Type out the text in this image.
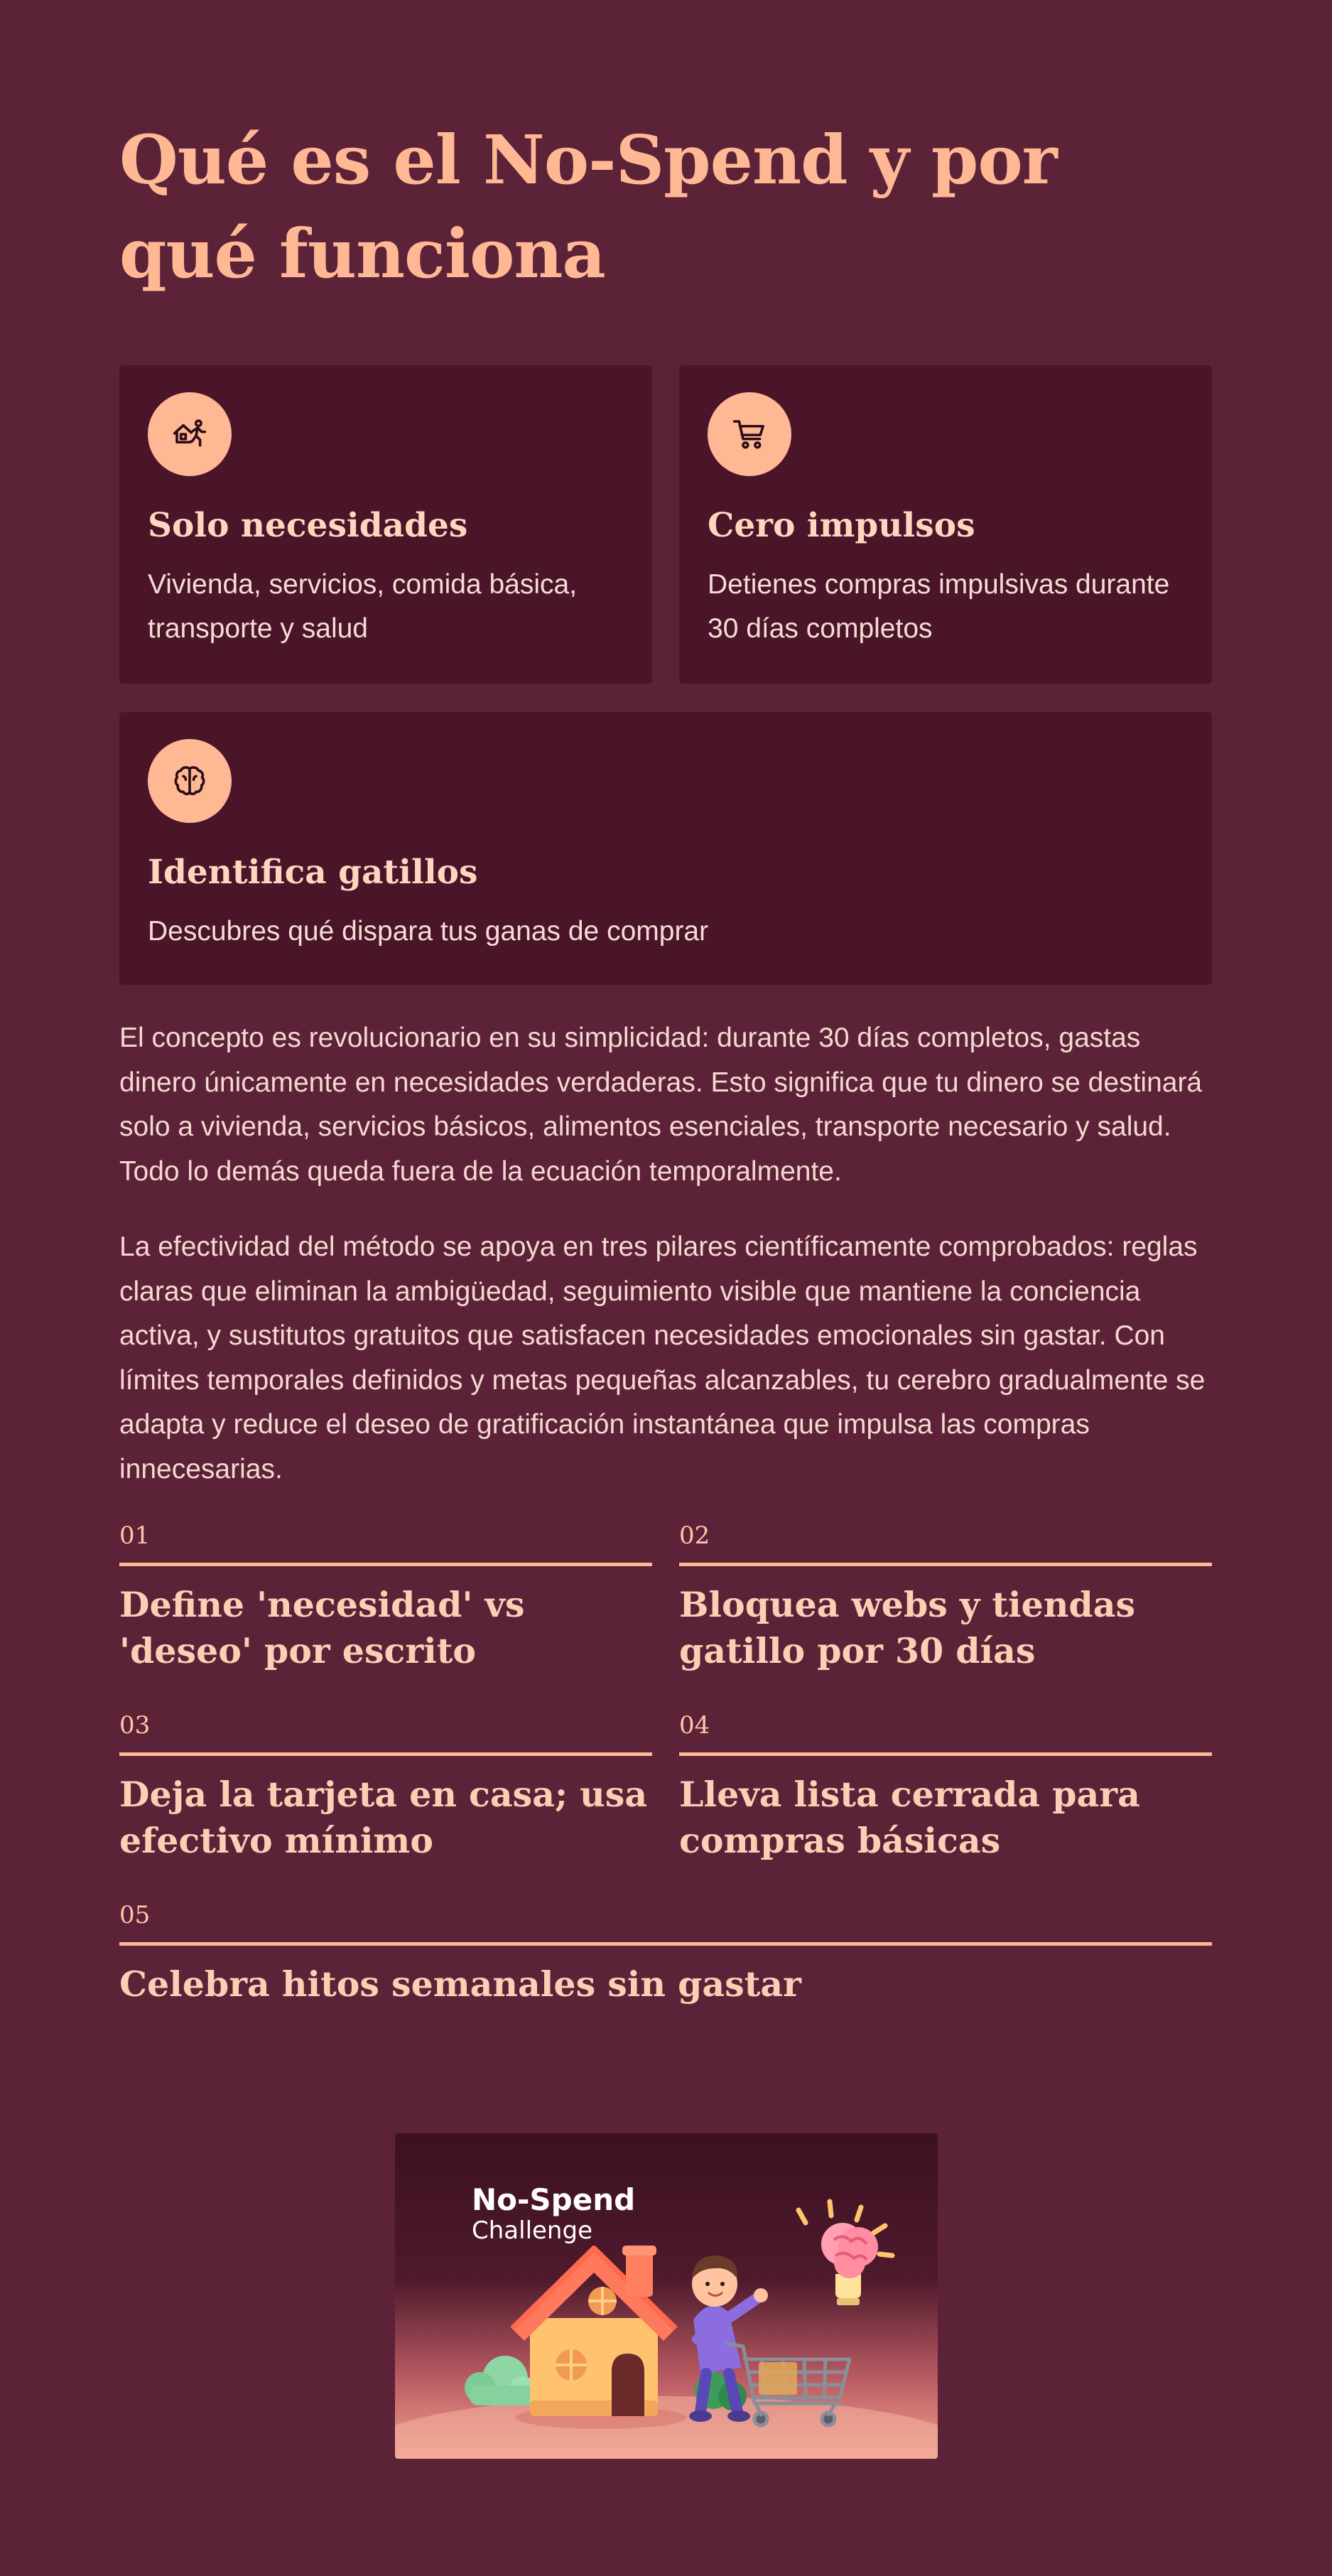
Qué es el No-Spend y por qué funciona
Solo necesidades
Vivienda, servicios, comida básica, transporte y salud
Cero impulsos
Detienes compras impulsivas durante 30 días completos
Identifica gatillos
Descubres qué dispara tus ganas de comprar

El concepto es revolucionario en su simplicidad: durante 30 días completos, gastas dinero únicamente en necesidades verdaderas. Esto significa que tu dinero se destinará solo a vivienda, servicios básicos, alimentos esenciales, transporte necesario y salud. Todo lo demás queda fuera de la ecuación temporalmente.

La efectividad del método se apoya en tres pilares científicamente comprobados: reglas claras que eliminan la ambigüedad, seguimiento visible que mantiene la conciencia activa, y sustitutos gratuitos que satisfacen necesidades emocionales sin gastar. Con límites temporales definidos y metas pequeñas alcanzables, tu cerebro gradualmente se adapta y reduce el deseo de gratificación instantánea que impulsa las compras innecesarias.

01
Define 'necesidad' vs 'deseo' por escrito
02
Bloquea webs y tiendas gatillo por 30 días
03
Deja la tarjeta en casa; usa efectivo mínimo
04
Lleva lista cerrada para compras básicas
05
Celebra hitos semanales sin gastar
No-Spend
Challenge
